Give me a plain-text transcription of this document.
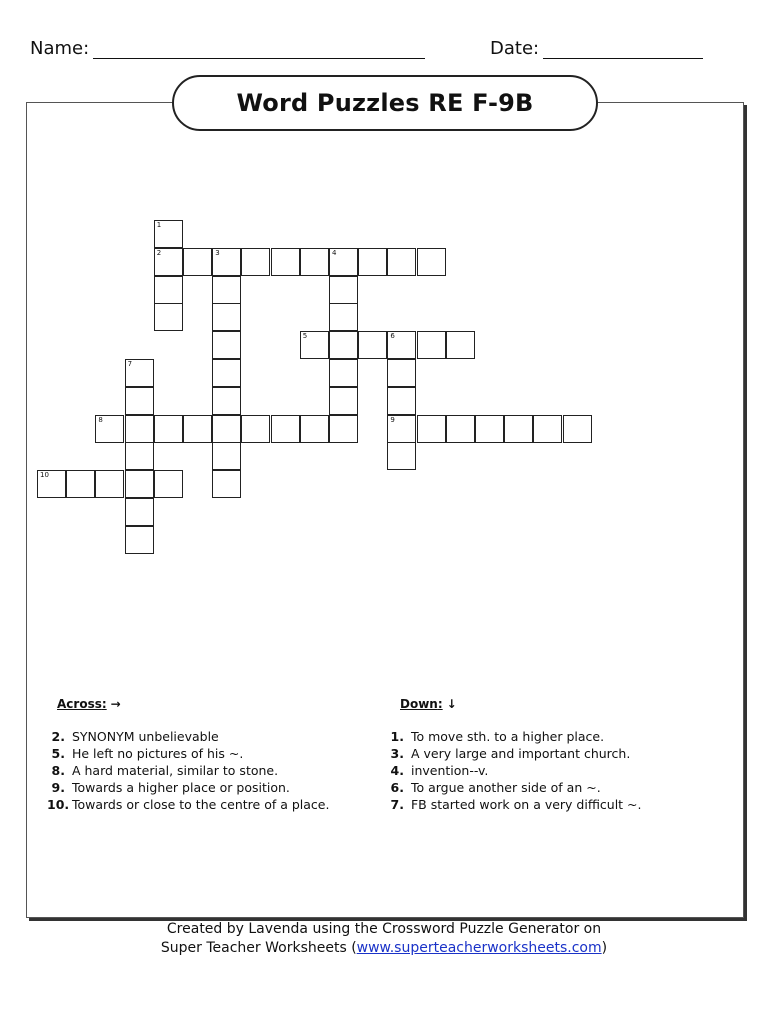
Name:	Date:
Word Puzzles RE F-9B
2	3	4
5	6
8	9
10
1
7
Across: →
2. SYNONYM unbelievable
5. He left no pictures of his ~.
8. A hard material, similar to stone.
9. Towards a higher place or position.
10. Towards or close to the centre of a place.
Down: ↓
1. To move sth. to a higher place.
3. A very large and important church.
4. invention--v.
6. To argue another side of an ~.
7. FB started work on a very difficult ~.
Created by Lavenda using the Crossword Puzzle Generator on
Super Teacher Worksheets (www.superteacherworksheets.com)
